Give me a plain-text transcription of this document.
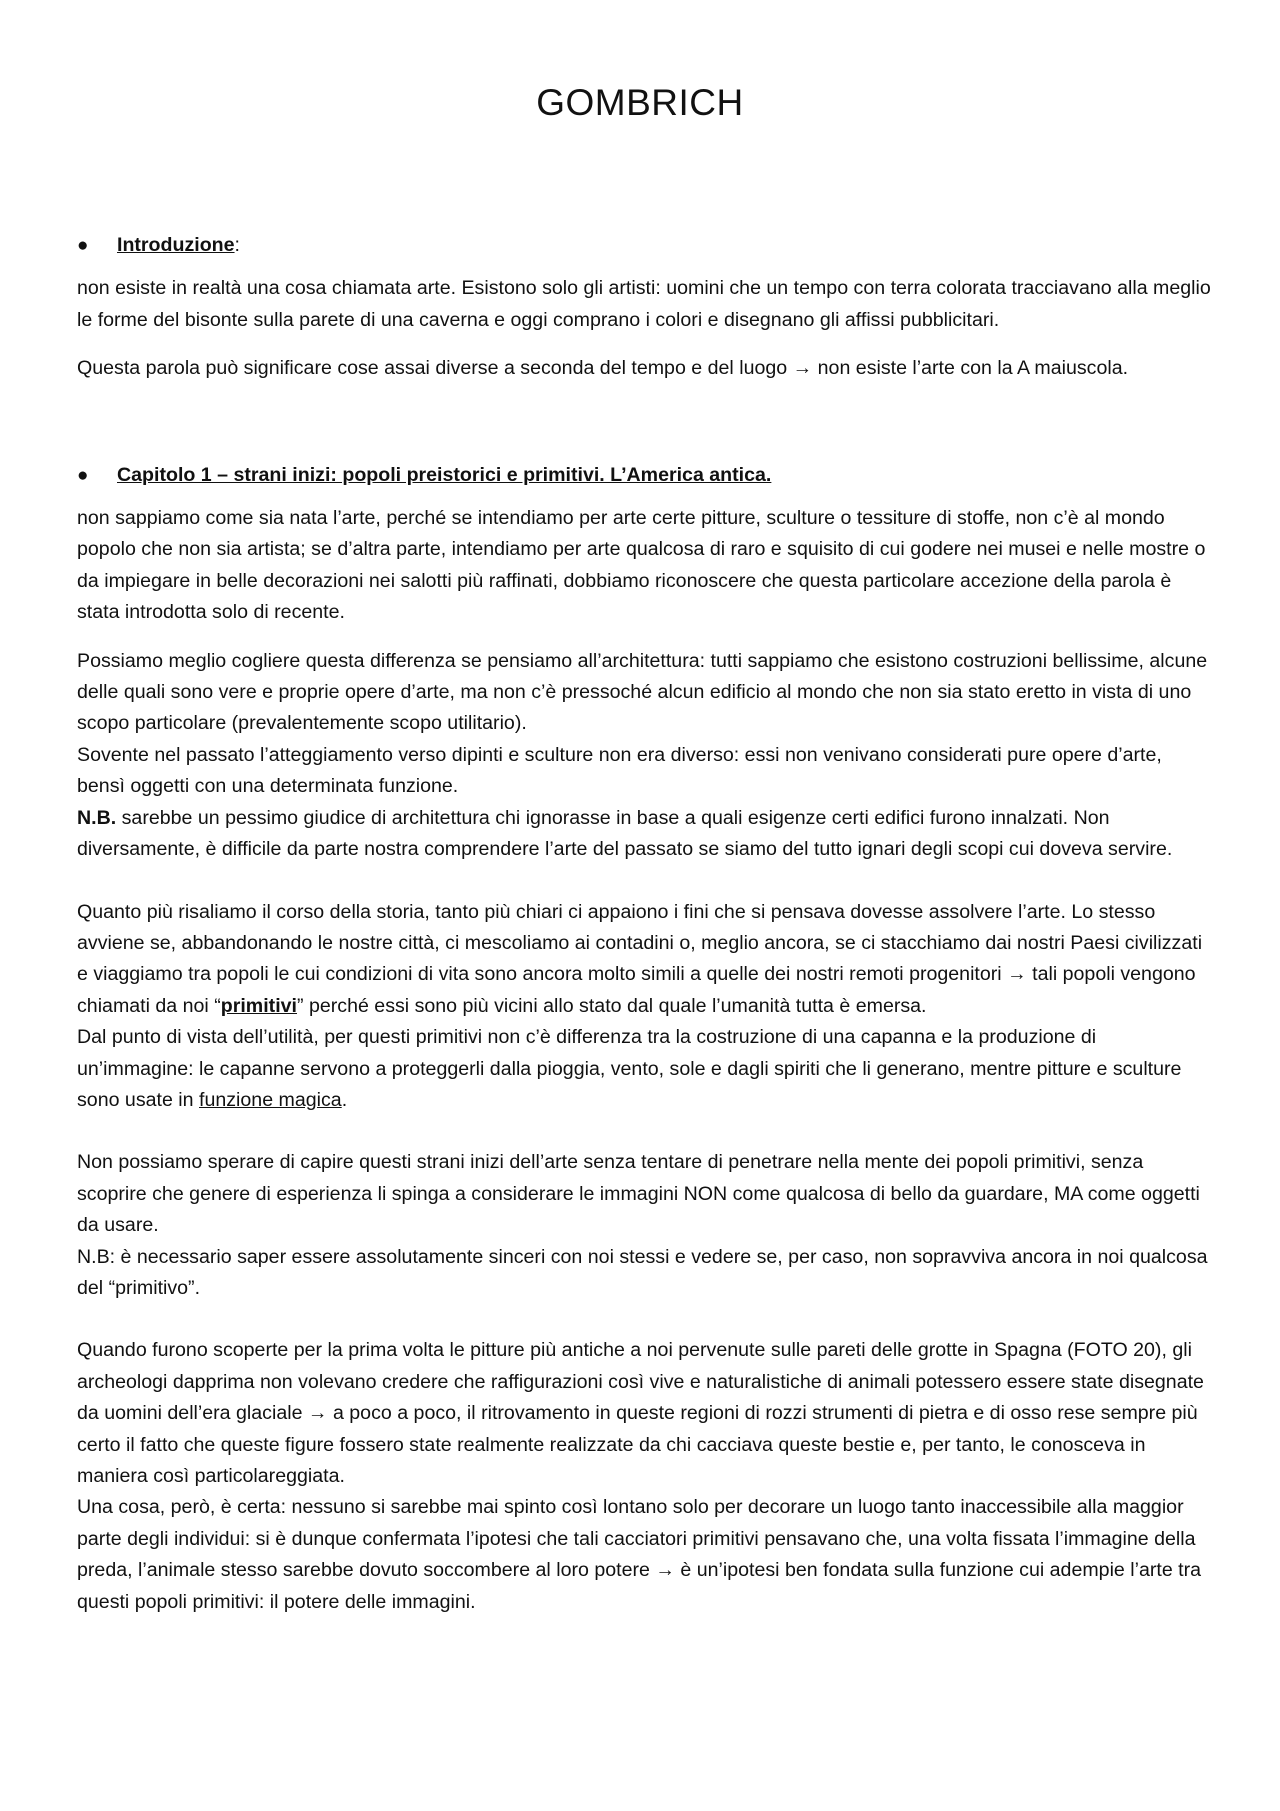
GOMBRICH
● Introduzione:

non esiste in realtà una cosa chiamata arte. Esistono solo gli artisti: uomini che un tempo con terra colorata tracciavano alla meglio le forme del bisonte sulla parete di una caverna e oggi comprano i colori e disegnano gli affissi pubblicitari.

Questa parola può significare cose assai diverse a seconda del tempo e del luogo → non esiste l’arte con la A maiuscola.

● Capitolo 1 – strani inizi: popoli preistorici e primitivi. L’America antica.

non sappiamo come sia nata l’arte, perché se intendiamo per arte certe pitture, sculture o tessiture di stoffe, non c’è al mondo popolo che non sia artista; se d’altra parte, intendiamo per arte qualcosa di raro e squisito di cui godere nei musei e nelle mostre o da impiegare in belle decorazioni nei salotti più raffinati, dobbiamo riconoscere che questa particolare accezione della parola è stata introdotta solo di recente.

Possiamo meglio cogliere questa differenza se pensiamo all’architettura: tutti sappiamo che esistono costruzioni bellissime, alcune delle quali sono vere e proprie opere d’arte, ma non c’è pressoché alcun edificio al mondo che non sia stato eretto in vista di uno scopo particolare (prevalentemente scopo utilitario).
Sovente nel passato l’atteggiamento verso dipinti e sculture non era diverso: essi non venivano considerati pure opere d’arte, bensì oggetti con una determinata funzione.
N.B. sarebbe un pessimo giudice di architettura chi ignorasse in base a quali esigenze certi edifici furono innalzati. Non diversamente, è difficile da parte nostra comprendere l’arte del passato se siamo del tutto ignari degli scopi cui doveva servire.

Quanto più risaliamo il corso della storia, tanto più chiari ci appaiono i fini che si pensava dovesse assolvere l’arte. Lo stesso avviene se, abbandonando le nostre città, ci mescoliamo ai contadini o, meglio ancora, se ci stacchiamo dai nostri Paesi civilizzati e viaggiamo tra popoli le cui condizioni di vita sono ancora molto simili a quelle dei nostri remoti progenitori → tali popoli vengono chiamati da noi “primitivi” perché essi sono più vicini allo stato dal quale l’umanità tutta è emersa.
Dal punto di vista dell’utilità, per questi primitivi non c’è differenza tra la costruzione di una capanna e la produzione di un’immagine: le capanne servono a proteggerli dalla pioggia, vento, sole e dagli spiriti che li generano, mentre pitture e sculture sono usate in funzione magica.

Non possiamo sperare di capire questi strani inizi dell’arte senza tentare di penetrare nella mente dei popoli primitivi, senza scoprire che genere di esperienza li spinga a considerare le immagini NON come qualcosa di bello da guardare, MA come oggetti da usare.
N.B: è necessario saper essere assolutamente sinceri con noi stessi e vedere se, per caso, non sopravviva ancora in noi qualcosa del “primitivo”.

Quando furono scoperte per la prima volta le pitture più antiche a noi pervenute sulle pareti delle grotte in Spagna (FOTO 20), gli archeologi dapprima non volevano credere che raffigurazioni così vive e naturalistiche di animali potessero essere state disegnate da uomini dell’era glaciale → a poco a poco, il ritrovamento in queste regioni di rozzi strumenti di pietra e di osso rese sempre più certo il fatto che queste figure fossero state realmente realizzate da chi cacciava queste bestie e, per tanto, le conosceva in maniera così particolareggiata.
Una cosa, però, è certa: nessuno si sarebbe mai spinto così lontano solo per decorare un luogo tanto inaccessibile alla maggior parte degli individui: si è dunque confermata l’ipotesi che tali cacciatori primitivi pensavano che, una volta fissata l’immagine della preda, l’animale stesso sarebbe dovuto soccombere al loro potere → è un’ipotesi ben fondata sulla funzione cui adempie l’arte tra questi popoli primitivi: il potere delle immagini.
